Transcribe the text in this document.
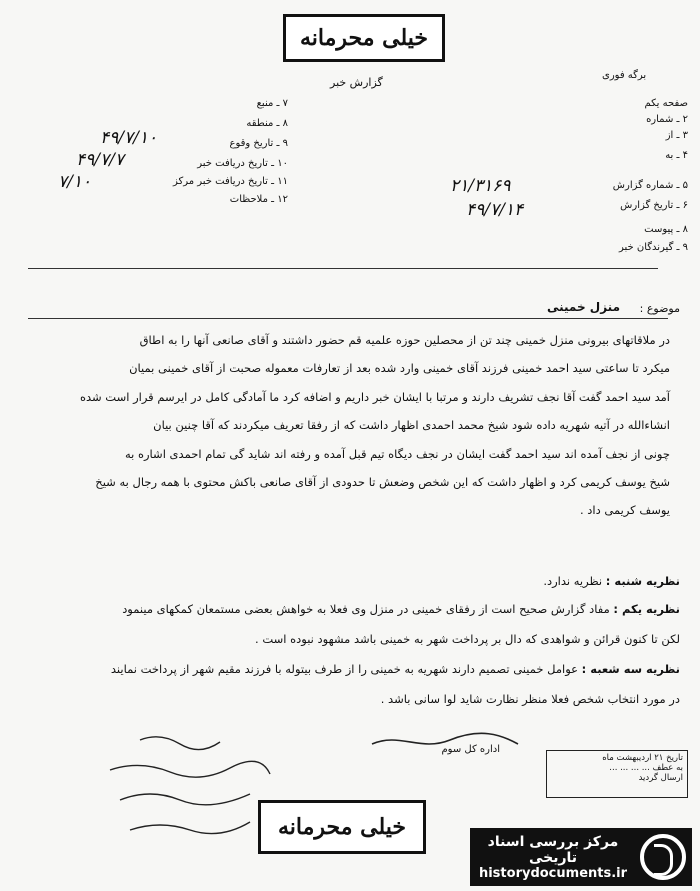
خیلی محرمانه

گزارش خبر
برگه فوری
صفحه یکم
۲ ـ شماره
۳ ـ از
۴ ـ به
۵ ـ شماره گزارش
۶ ـ تاریخ گزارش
۸ ـ پیوست
۹ ـ گیرندگان خبر
۲۱/۳۱۶۹
۴۹/۷/۱۴
۷ ـ منبع
۸ ـ منطقه
۹ ـ تاریخ وقوع
۱۰ ـ تاریخ دریافت خبر
۱۱ ـ تاریخ دریافت خبر مرکز
۱۲ ـ ملاحظات
۴۹/۷/۱۰
۴۹/۷/۷
۷/۱۰
موضوع :
منزل خمینی

در ملاقاتهای بیرونی منزل خمینی چند تن از محصلین حوزه علمیه قم حضور داشتند و آقای صانعی آنها را به اطاق

میکرد تا ساعتی سید احمد خمینی فرزند آقای خمینی وارد شده بعد از تعارفات معموله صحبت از آقای خمینی بمیان

آمد سید احمد گفت آقا نجف تشریف دارند و مرتبا با ایشان خبر داریم و اضافه کرد ما آمادگی کامل در ایرسم قرار است شده

انشاءالله در آتیه شهریه داده شود شیخ محمد احمدی اظهار داشت که از رفقا تعریف میکردند که آقا چنین بیان

چونی از نجف آمده اند سید احمد گفت ایشان در نجف دیگاه تیم قبل آمده و رفته اند شاید گی تمام احمدی اشاره به

شیخ یوسف کریمی کرد و اظهار داشت که این شخص وضعش تا حدودی از آقای صانعی باکش محتوی با همه رجال به شیخ

یوسف کریمی داد .

نظریه شنبه : نظریه ندارد.
نظریه یکم : مفاد گزارش صحیح است از رفقای خمینی در منزل وی فعلا به خواهش بعضی مستمعان کمکهای مینمود
لکن تا کنون قرائن و شواهدی که دال بر پرداخت شهر به خمینی باشد مشهود نبوده است .
نظریه سه شعبه : عوامل خمینی تصمیم دارند شهریه به خمینی را از طرف بیتوله با فرزند مقیم شهر از پرداخت نمایند
در مورد انتخاب شخص فعلا منظر نظارت شاید لوا سانی باشد .
اداره کل سوم
تاریخ ۲۱ اردیبهشت ماه
به عطف ... ... ... ...
ارسال گردید
خیلی محرمانه
مرکز بررسی اسناد تاریخی
historydocuments.ir
